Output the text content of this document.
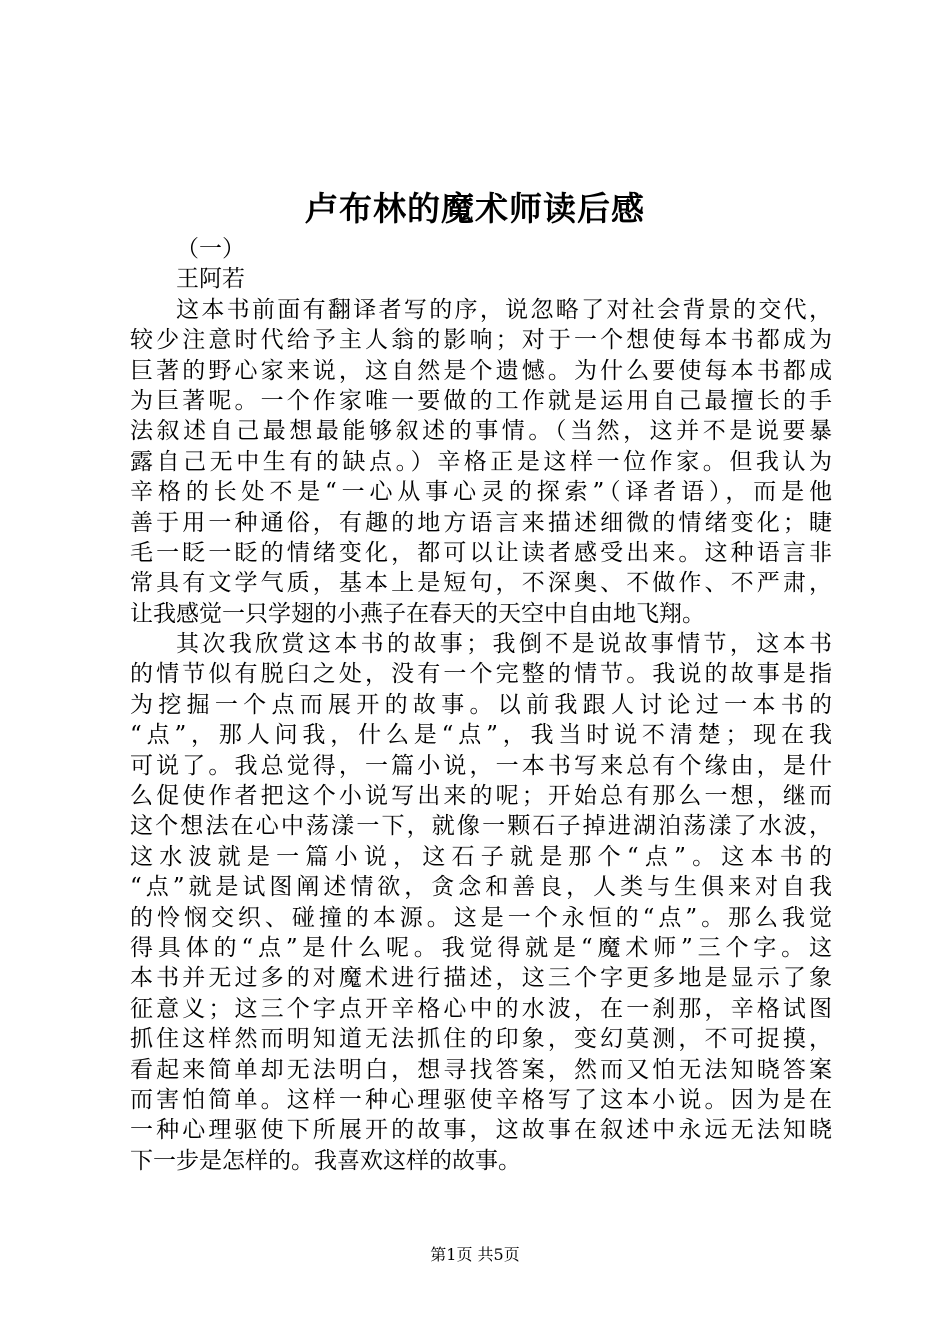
卢布林的魔术师读后感
（一）
王阿若
这本书前面有翻译者写的序，说忽略了对社会背景的交代，
较少注意时代给予主人翁的影响；对于一个想使每本书都成为
巨著的野心家来说，这自然是个遗憾。为什么要使每本书都成
为巨著呢。一个作家唯一要做的工作就是运用自己最擅长的手
法叙述自己最想最能够叙述的事情。（当然，这并不是说要暴
露自己无中生有的缺点。）辛格正是这样一位作家。但我认为
辛格的长处不是“一心从事心灵的探索”（译者语），而是他
善于用一种通俗，有趣的地方语言来描述细微的情绪变化；睫
毛一眨一眨的情绪变化，都可以让读者感受出来。这种语言非
常具有文学气质，基本上是短句，不深奥、不做作、不严肃，
让我感觉一只学翅的小燕子在春天的天空中自由地飞翔。
其次我欣赏这本书的故事；我倒不是说故事情节，这本书
的情节似有脱臼之处，没有一个完整的情节。我说的故事是指
为挖掘一个点而展开的故事。以前我跟人讨论过一本书的
“点”，那人问我，什么是“点”，我当时说不清楚；现在我
可说了。我总觉得，一篇小说，一本书写来总有个缘由，是什
么促使作者把这个小说写出来的呢；开始总有那么一想，继而
这个想法在心中荡漾一下，就像一颗石子掉进湖泊荡漾了水波，
这水波就是一篇小说，这石子就是那个“点”。这本书的
“点”就是试图阐述情欲，贪念和善良，人类与生俱来对自我
的怜悯交织、碰撞的本源。这是一个永恒的“点”。那么我觉
得具体的“点”是什么呢。我觉得就是“魔术师”三个字。这
本书并无过多的对魔术进行描述，这三个字更多地是显示了象
征意义；这三个字点开辛格心中的水波，在一刹那，辛格试图
抓住这样然而明知道无法抓住的印象，变幻莫测，不可捉摸，
看起来简单却无法明白，想寻找答案，然而又怕无法知晓答案
而害怕简单。这样一种心理驱使辛格写了这本小说。因为是在
一种心理驱使下所展开的故事，这故事在叙述中永远无法知晓
下一步是怎样的。我喜欢这样的故事。
第1页 共5页
